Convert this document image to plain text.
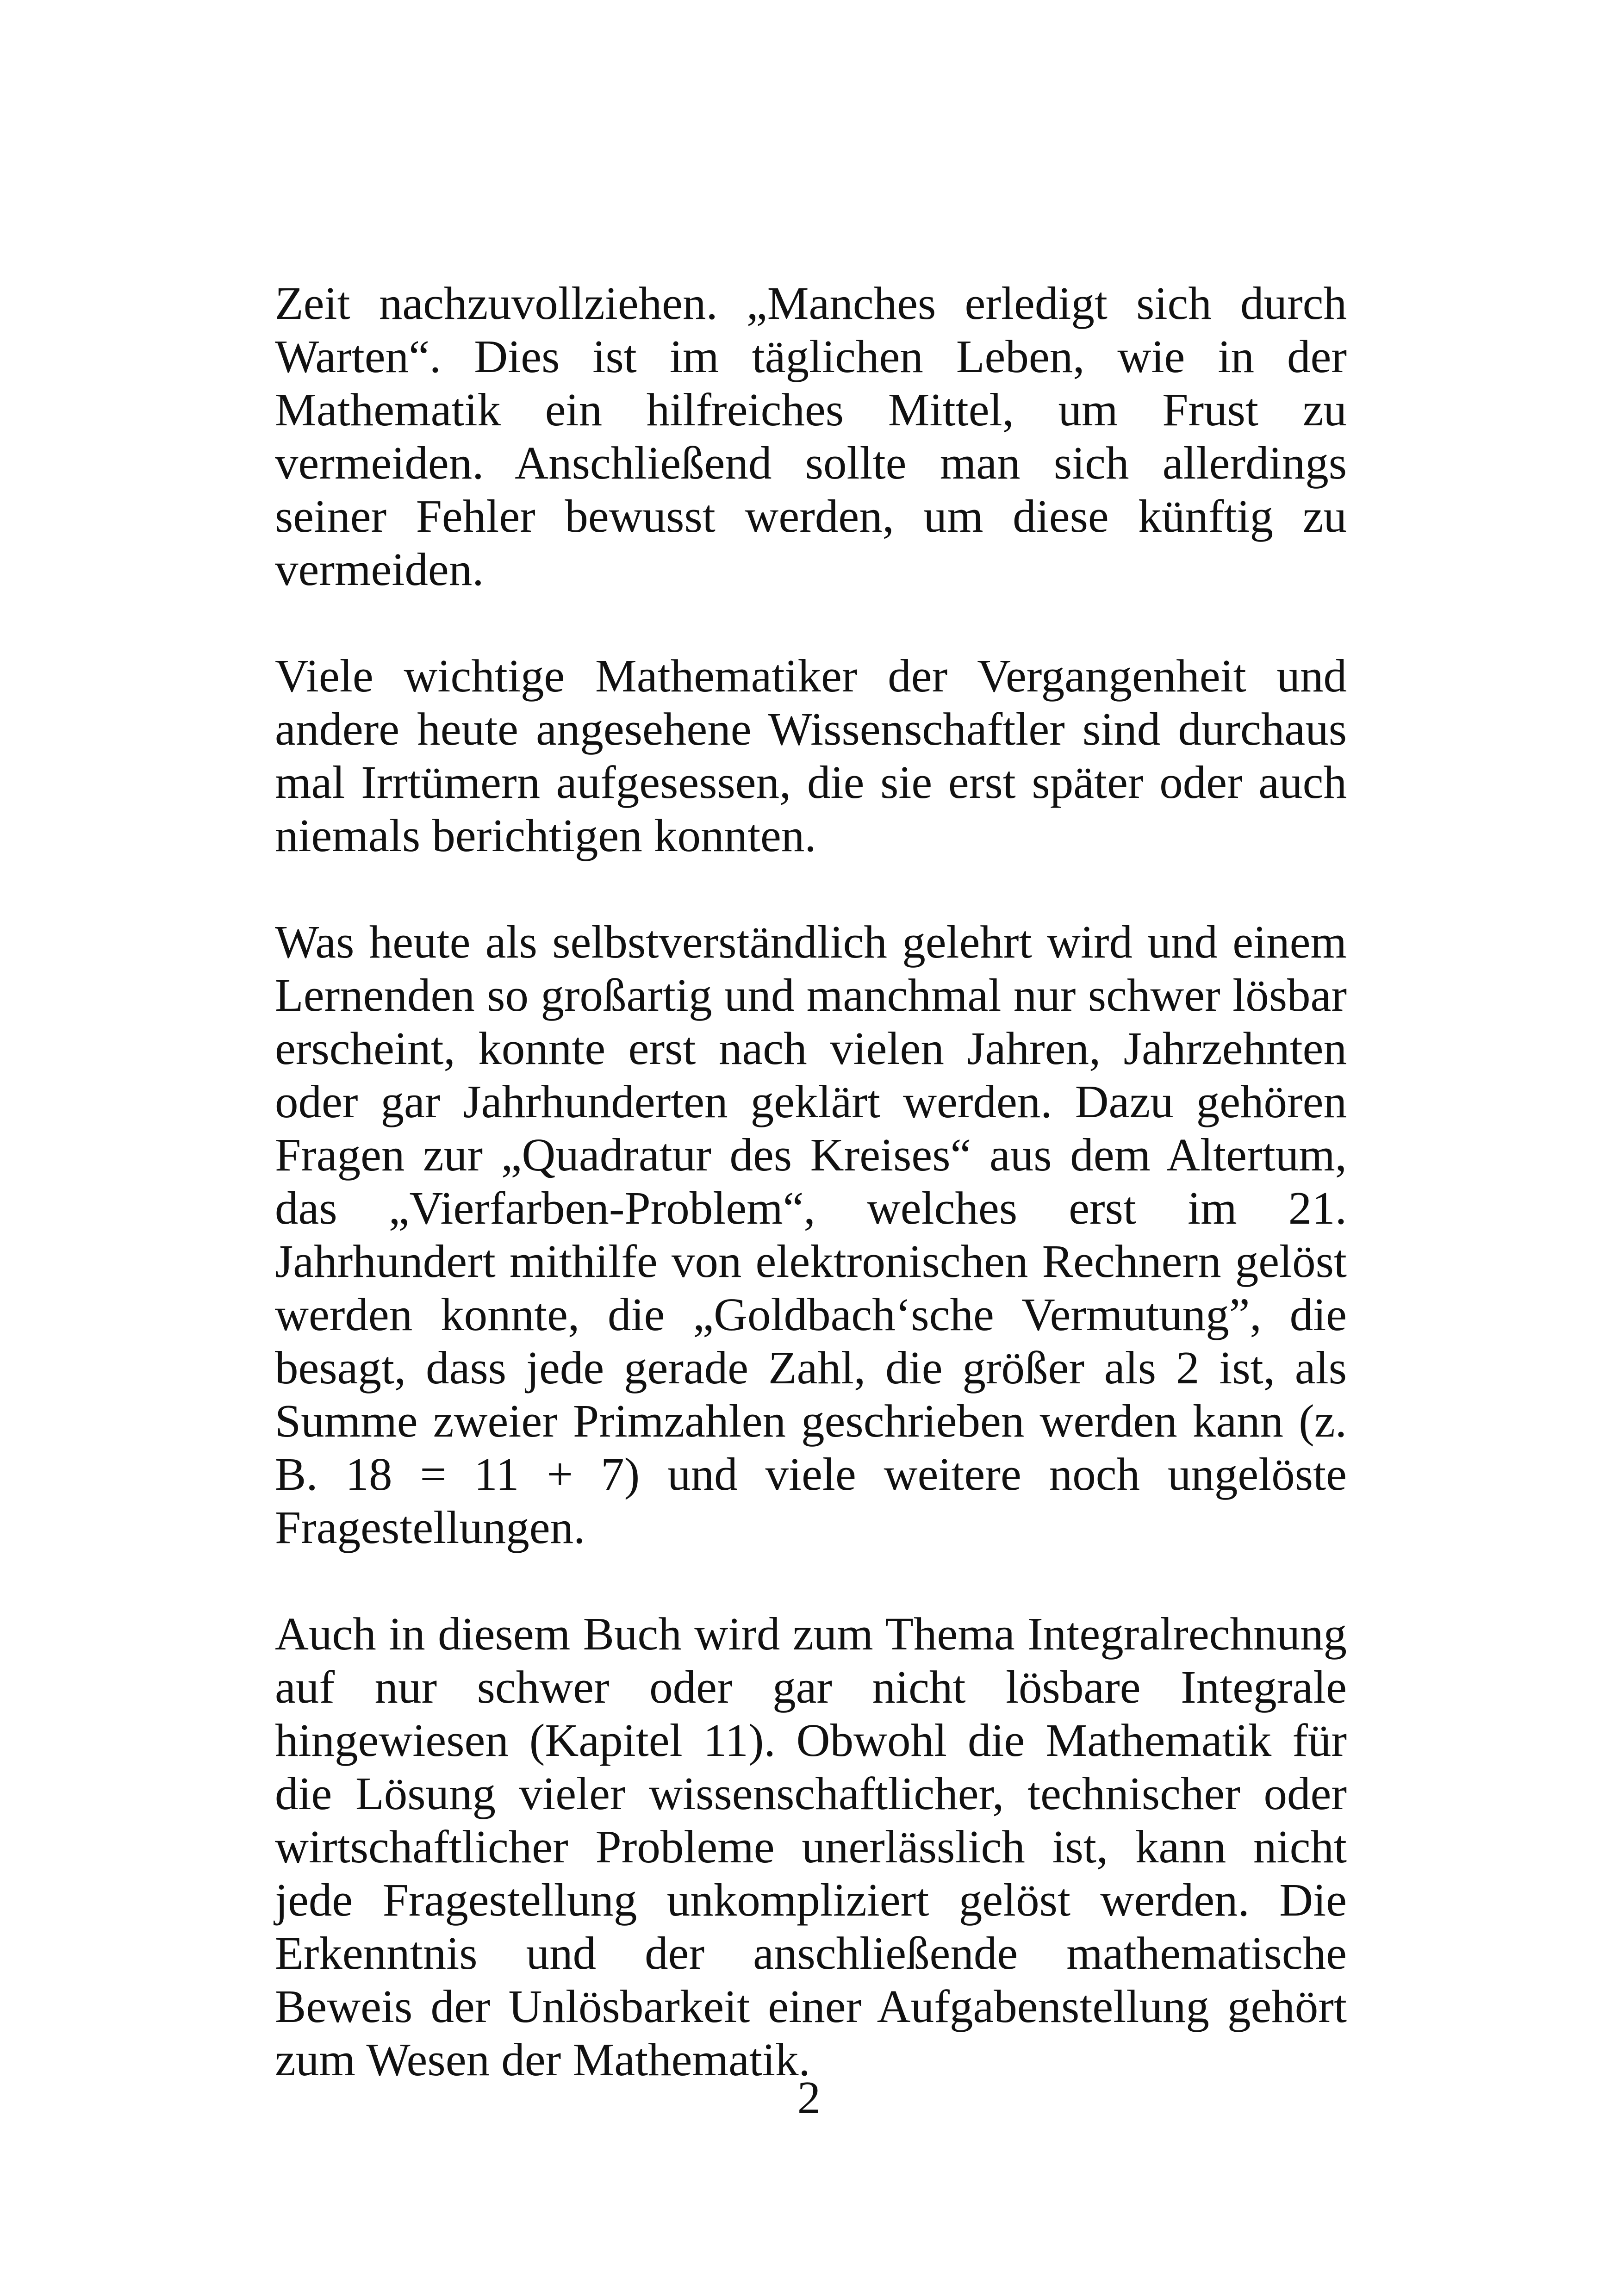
Zeit nachzuvollziehen. „Manches erledigt sich durch Warten“. Dies ist im täglichen Leben, wie in der Mathematik ein hilfreiches Mittel, um Frust zu vermeiden. Anschließend sollte man sich allerdings seiner Fehler bewusst werden, um diese künftig zu vermeiden.

Viele wichtige Mathematiker der Vergangenheit und andere heute angesehene Wissenschaftler sind durchaus mal Irrtümern aufgesessen, die sie erst später oder auch niemals berichtigen konnten.

Was heute als selbstverständlich gelehrt wird und einem Lernenden so großartig und manchmal nur schwer lösbar erscheint, konnte erst nach vielen Jahren, Jahrzehnten oder gar Jahrhunderten geklärt werden. Dazu gehören Fragen zur „Quadratur des Kreises“ aus dem Altertum, das „Vierfarben-Problem“, welches erst im 21. Jahrhundert mithilfe von elektronischen Rechnern gelöst werden konnte, die „Goldbach‘sche Vermutung”, die besagt, dass jede gerade Zahl, die größer als 2 ist, als Summe zweier Primzahlen geschrieben werden kann (z. B. 18 = 11 + 7) und viele weitere noch ungelöste Fragestellungen.

Auch in diesem Buch wird zum Thema Integralrechnung auf nur schwer oder gar nicht lösbare Integrale hingewiesen (Kapitel 11). Obwohl die Mathematik für die Lösung vieler wissenschaftlicher, technischer oder wirtschaftlicher Probleme unerlässlich ist, kann nicht jede Fragestellung unkompliziert gelöst werden. Die Erkenntnis und der anschließende mathematische Beweis der Unlösbarkeit einer Aufgabenstellung gehört zum Wesen der Mathematik.

2
